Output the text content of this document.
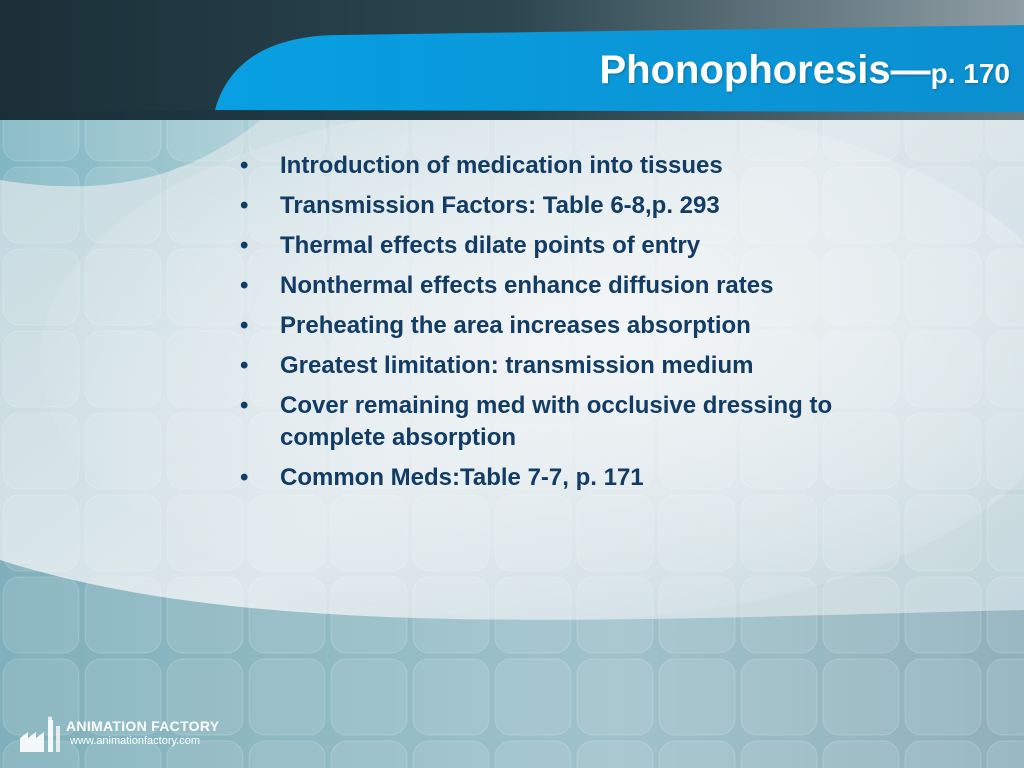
Phonophoresis—p. 170
•	Introduction of medication into tissues
•	Transmission Factors: Table 6-8,p. 293
•	Thermal effects dilate points of entry
•	Nonthermal effects enhance diffusion rates
•	Preheating the area increases absorption
•	Greatest limitation: transmission medium
•	Cover remaining med with occlusive dressing to complete absorption
•	Common Meds:Table 7-7, p. 171
ANIMATION FACTORY
www.animationfactory.com
